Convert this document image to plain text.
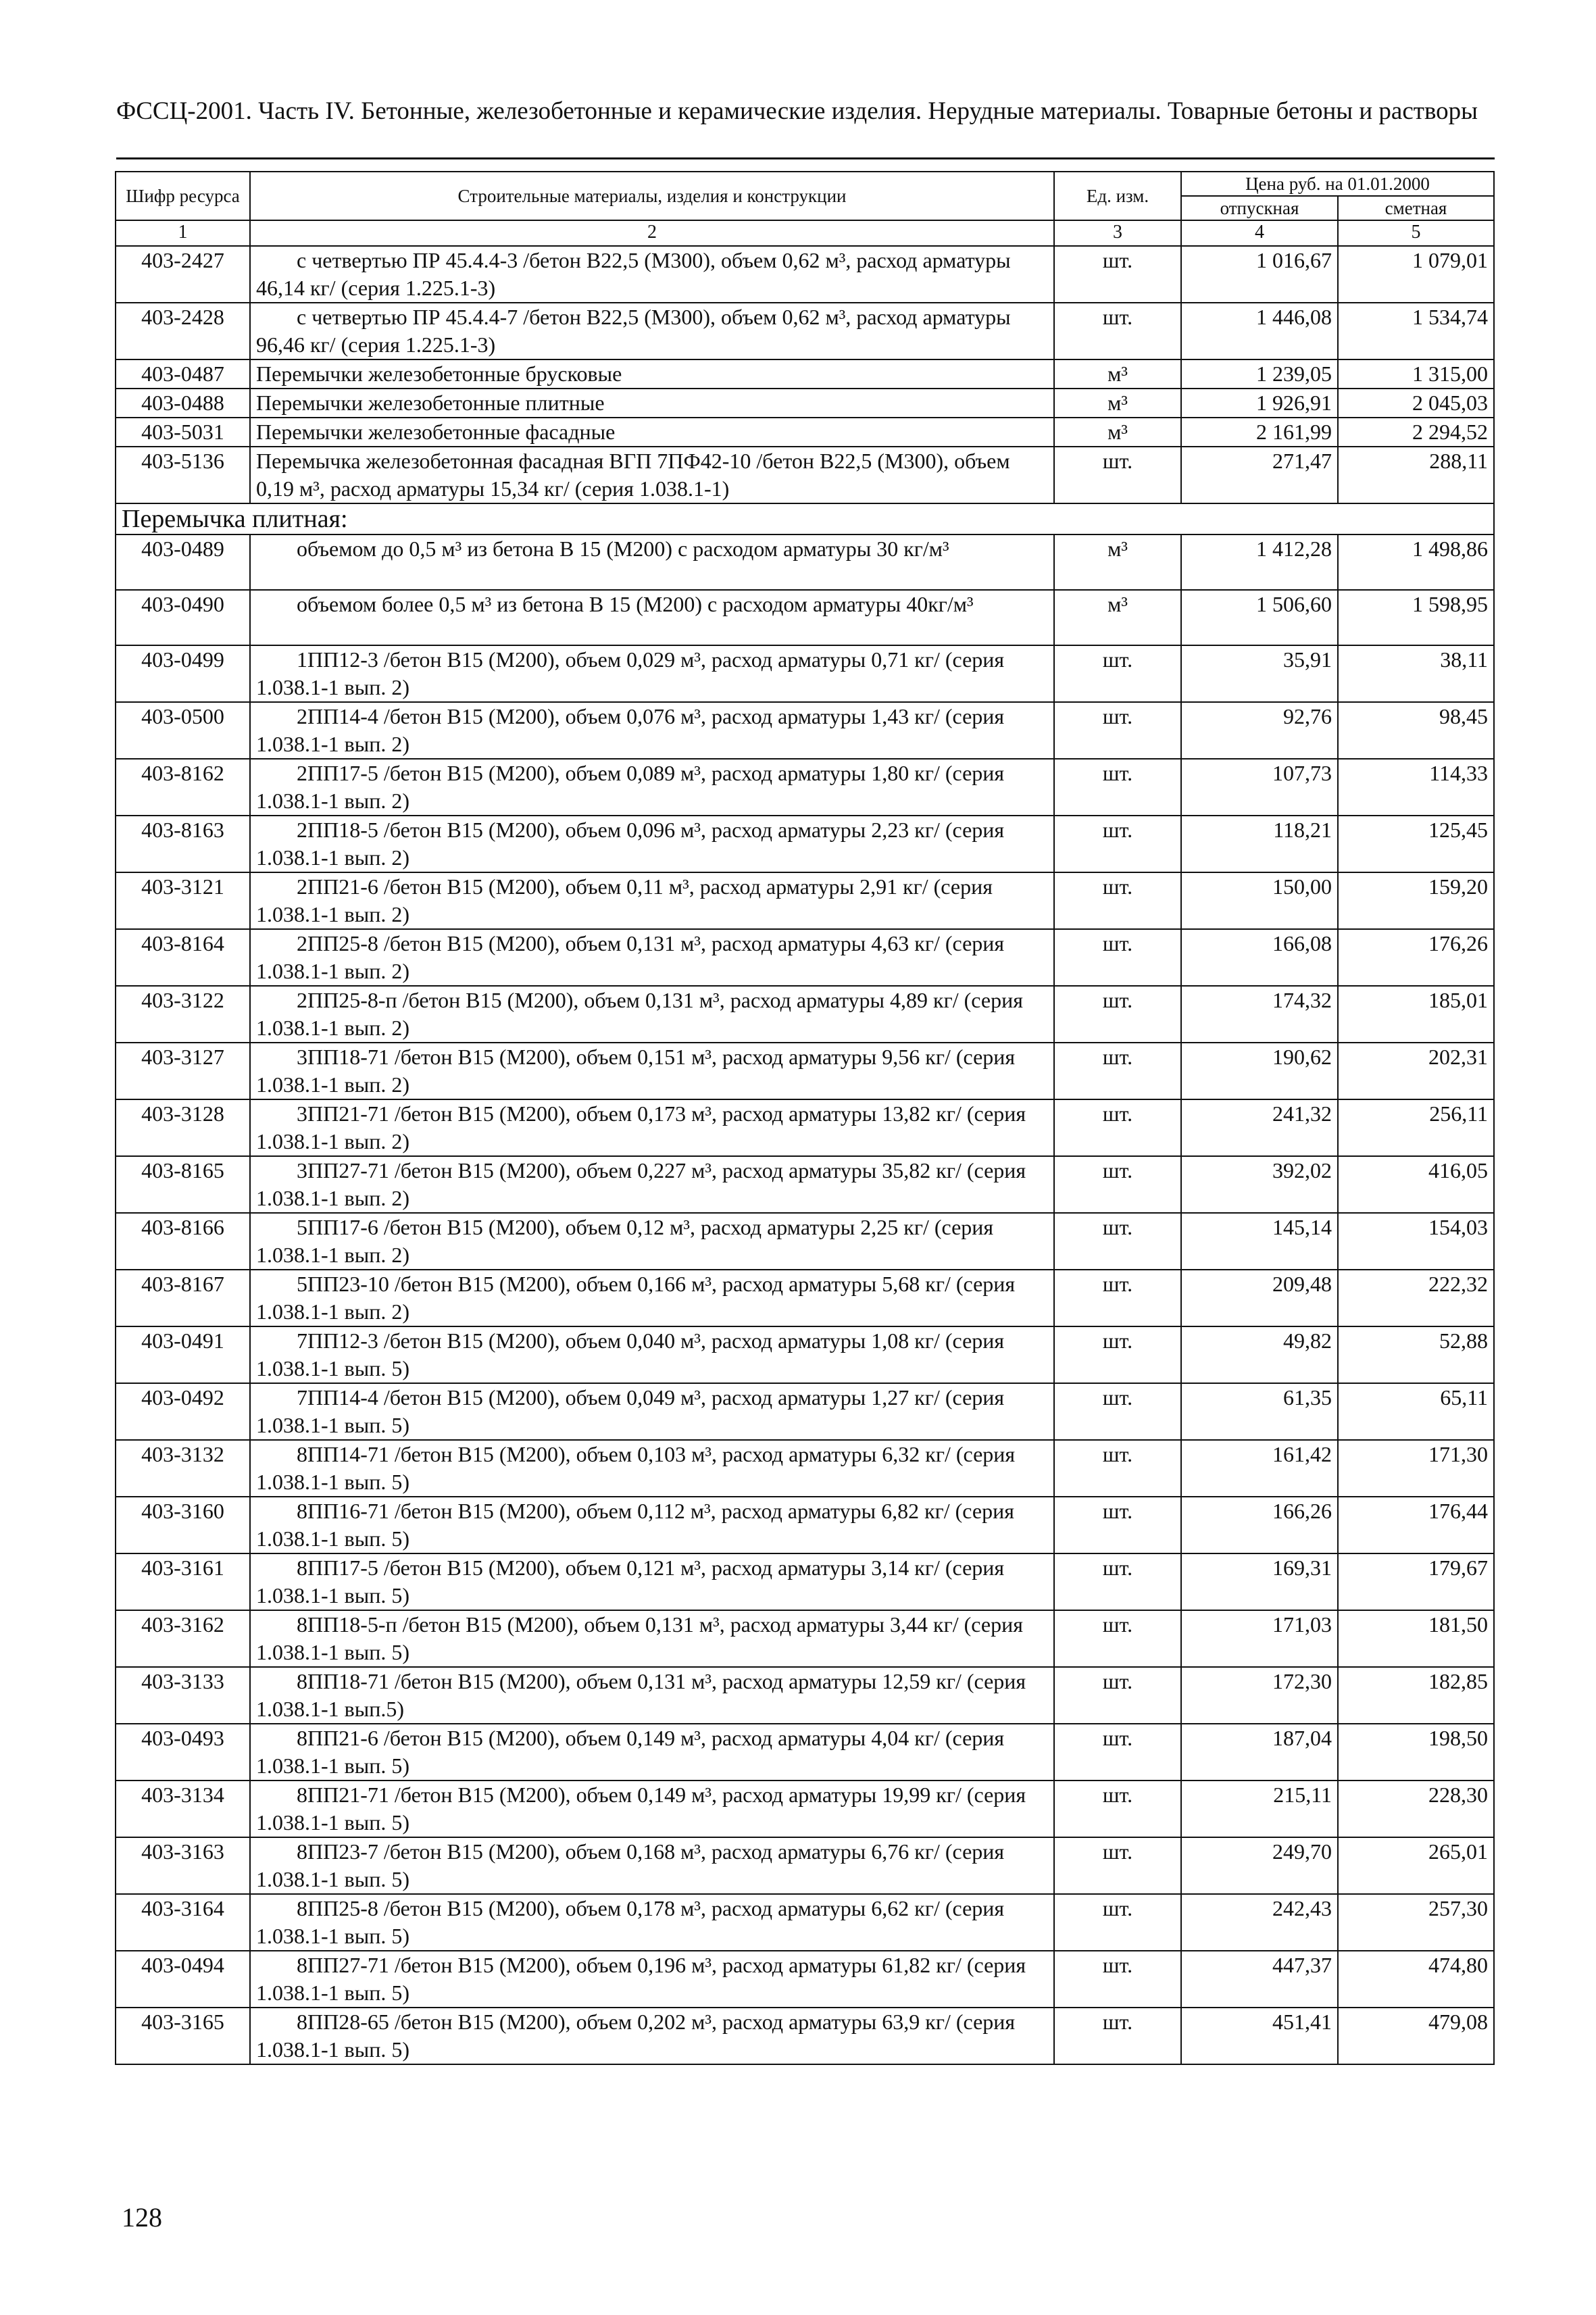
ФССЦ-2001. Часть IV. Бетонные, железобетонные и керамические изделия. Нерудные материалы. Товарные бетоны и растворы
Шифр ресурса	Строительные материалы, изделия и конструкции	Ед. изм.	Цена руб. на 01.01.2000	
			отпускная	сметная
1	2	3	4	5
403-2427	с четвертью ПР 45.4.4-3 /бетон В22,5 (М300), объем 0,62 м³, расход арматуры 46,14 кг/ (серия 1.225.1-3)	шт.	1 016,67	1 079,01
403-2428	с четвертью ПР 45.4.4-7 /бетон В22,5 (М300), объем 0,62 м³, расход арматуры 96,46 кг/ (серия 1.225.1-3)	шт.	1 446,08	1 534,74
403-0487	Перемычки железобетонные брусковые	м³	1 239,05	1 315,00
403-0488	Перемычки железобетонные плитные	м³	1 926,91	2 045,03
403-5031	Перемычки железобетонные фасадные	м³	2 161,99	2 294,52
403-5136	Перемычка железобетонная фасадная ВГП 7ПФ42-10 /бетон В22,5 (М300), объем 0,19 м³, расход арматуры 15,34 кг/ (серия 1.038.1-1)	шт.	271,47	288,11
Перемычка плитная:				
403-0489	объемом до 0,5 м³ из бетона В 15 (М200) с расходом арматуры 30 кг/м³	м³	1 412,28	1 498,86
403-0490	объемом более 0,5 м³ из бетона В 15 (М200) с расходом арматуры 40кг/м³	м³	1 506,60	1 598,95
403-0499	1ПП12-3 /бетон В15 (М200), объем 0,029 м³, расход арматуры 0,71 кг/ (серия 1.038.1-1 вып. 2)	шт.	35,91	38,11
403-0500	2ПП14-4 /бетон В15 (М200), объем 0,076 м³, расход арматуры 1,43 кг/ (серия 1.038.1-1 вып. 2)	шт.	92,76	98,45
403-8162	2ПП17-5 /бетон В15 (М200), объем 0,089 м³, расход арматуры 1,80 кг/ (серия 1.038.1-1 вып. 2)	шт.	107,73	114,33
403-8163	2ПП18-5 /бетон В15 (М200), объем 0,096 м³, расход арматуры 2,23 кг/ (серия 1.038.1-1 вып. 2)	шт.	118,21	125,45
403-3121	2ПП21-6 /бетон В15 (М200), объем 0,11 м³, расход арматуры 2,91 кг/ (серия 1.038.1-1 вып. 2)	шт.	150,00	159,20
403-8164	2ПП25-8 /бетон В15 (М200), объем 0,131 м³, расход арматуры 4,63 кг/ (серия 1.038.1-1 вып. 2)	шт.	166,08	176,26
403-3122	2ПП25-8-п /бетон В15 (М200), объем 0,131 м³, расход арматуры 4,89 кг/ (серия 1.038.1-1 вып. 2)	шт.	174,32	185,01
403-3127	3ПП18-71 /бетон В15 (М200), объем 0,151 м³, расход арматуры 9,56 кг/ (серия 1.038.1-1 вып. 2)	шт.	190,62	202,31
403-3128	3ПП21-71 /бетон В15 (М200), объем 0,173 м³, расход арматуры 13,82 кг/ (серия 1.038.1-1 вып. 2)	шт.	241,32	256,11
403-8165	3ПП27-71 /бетон В15 (М200), объем 0,227 м³, расход арматуры 35,82 кг/ (серия 1.038.1-1 вып. 2)	шт.	392,02	416,05
403-8166	5ПП17-6 /бетон В15 (М200), объем 0,12 м³, расход арматуры 2,25 кг/ (серия 1.038.1-1 вып. 2)	шт.	145,14	154,03
403-8167	5ПП23-10 /бетон В15 (М200), объем 0,166 м³, расход арматуры 5,68 кг/ (серия 1.038.1-1 вып. 2)	шт.	209,48	222,32
403-0491	7ПП12-3 /бетон В15 (М200), объем 0,040 м³, расход арматуры 1,08 кг/ (серия 1.038.1-1 вып. 5)	шт.	49,82	52,88
403-0492	7ПП14-4 /бетон В15 (М200), объем 0,049 м³, расход арматуры 1,27 кг/ (серия 1.038.1-1 вып. 5)	шт.	61,35	65,11
403-3132	8ПП14-71 /бетон В15 (М200), объем 0,103 м³, расход арматуры 6,32 кг/ (серия 1.038.1-1 вып. 5)	шт.	161,42	171,30
403-3160	8ПП16-71 /бетон В15 (М200), объем 0,112 м³, расход арматуры 6,82 кг/ (серия 1.038.1-1 вып. 5)	шт.	166,26	176,44
403-3161	8ПП17-5 /бетон В15 (М200), объем 0,121 м³, расход арматуры 3,14 кг/ (серия 1.038.1-1 вып. 5)	шт.	169,31	179,67
403-3162	8ПП18-5-п /бетон В15 (М200), объем 0,131 м³, расход арматуры 3,44 кг/ (серия 1.038.1-1 вып. 5)	шт.	171,03	181,50
403-3133	8ПП18-71 /бетон В15 (М200), объем 0,131 м³, расход арматуры 12,59 кг/ (серия 1.038.1-1 вып.5)	шт.	172,30	182,85
403-0493	8ПП21-6 /бетон В15 (М200), объем 0,149 м³, расход арматуры 4,04 кг/ (серия 1.038.1-1 вып. 5)	шт.	187,04	198,50
403-3134	8ПП21-71 /бетон В15 (М200), объем 0,149 м³, расход арматуры 19,99 кг/ (серия 1.038.1-1 вып. 5)	шт.	215,11	228,30
403-3163	8ПП23-7 /бетон В15 (М200), объем 0,168 м³, расход арматуры 6,76 кг/ (серия 1.038.1-1 вып. 5)	шт.	249,70	265,01
403-3164	8ПП25-8 /бетон В15 (М200), объем 0,178 м³, расход арматуры 6,62 кг/ (серия 1.038.1-1 вып. 5)	шт.	242,43	257,30
403-0494	8ПП27-71 /бетон В15 (М200), объем 0,196 м³, расход арматуры 61,82 кг/ (серия 1.038.1-1 вып. 5)	шт.	447,37	474,80
403-3165	8ПП28-65 /бетон В15 (М200), объем 0,202 м³, расход арматуры 63,9 кг/ (серия 1.038.1-1 вып. 5)	шт.	451,41	479,08
128
